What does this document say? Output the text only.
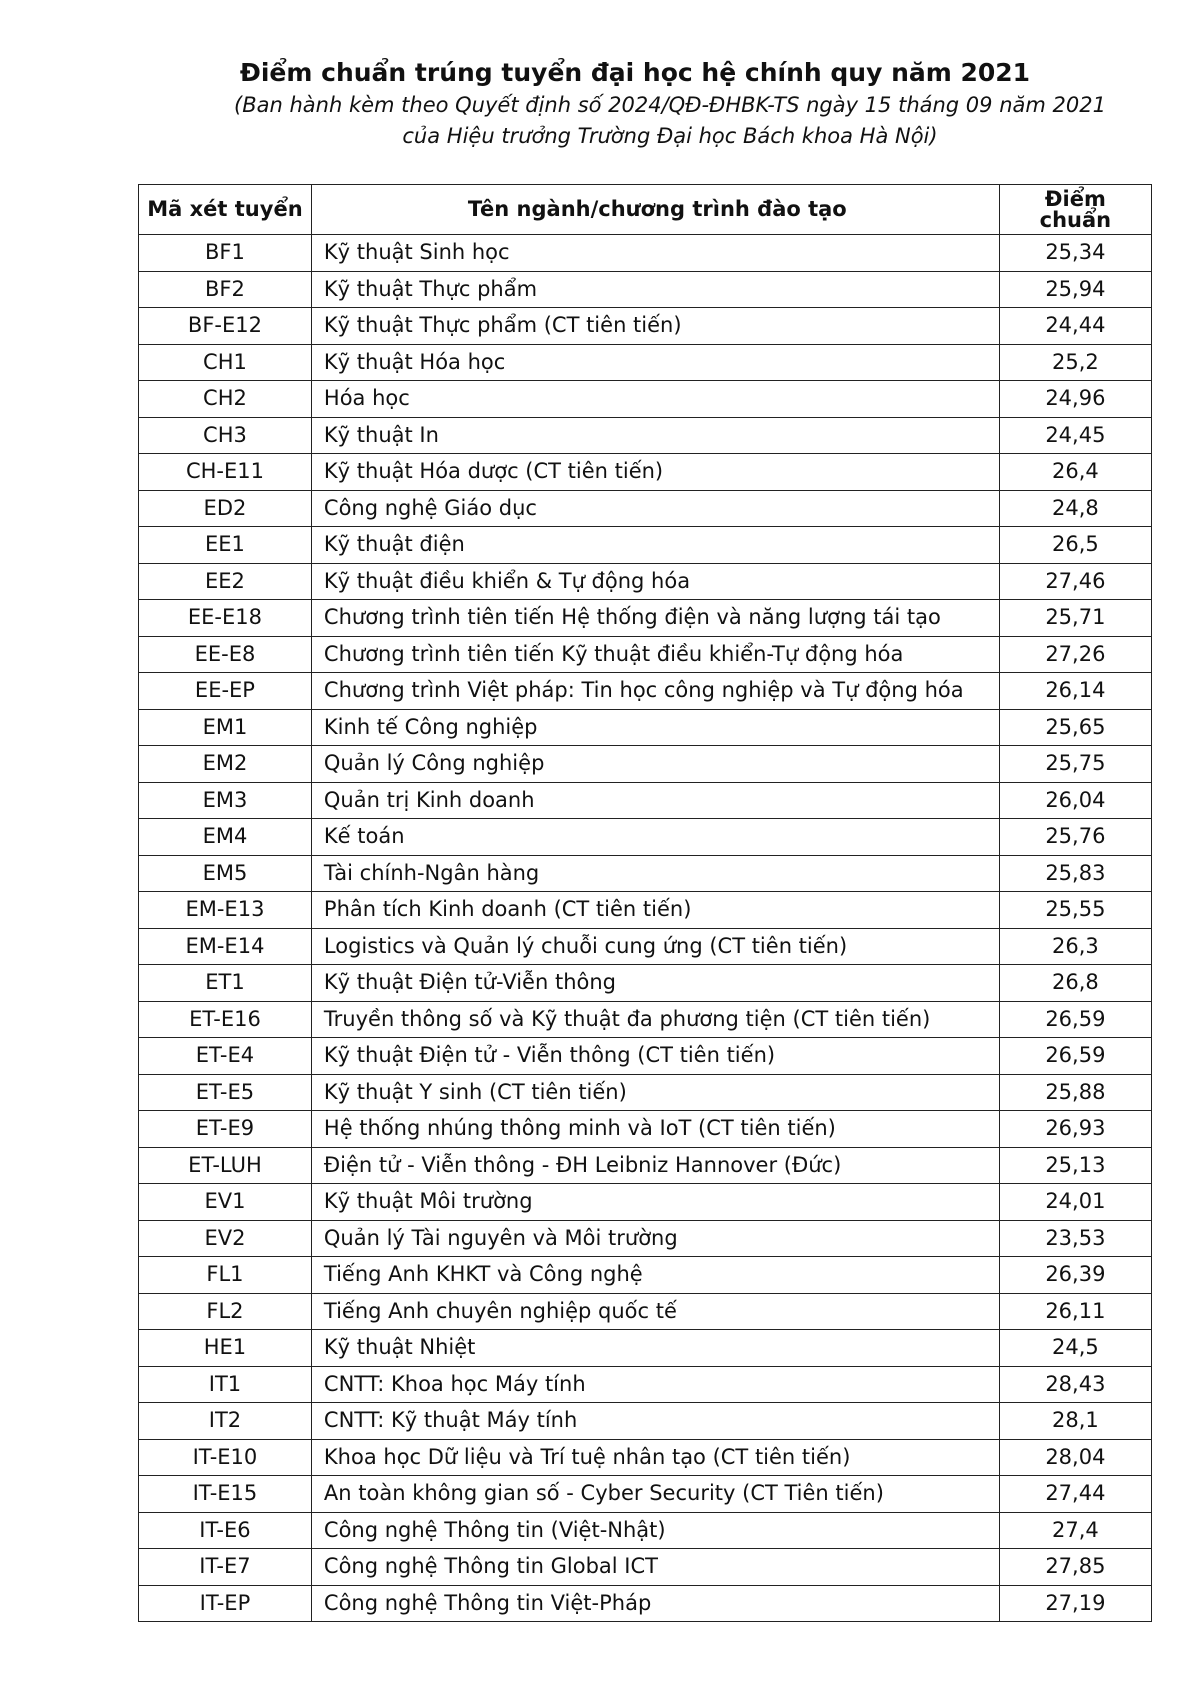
Điểm chuẩn trúng tuyển đại học hệ chính quy năm 2021
(Ban hành kèm theo Quyết định số 2024/QĐ-ĐHBK-TS ngày 15 tháng 09 năm 2021
của Hiệu trưởng Trường Đại học Bách khoa Hà Nội)
Mã xét tuyển	Tên ngành/chương trình đào tạo	Điểm chuẩn
BF1	Kỹ thuật Sinh học	25,34
BF2	Kỹ thuật Thực phẩm	25,94
BF-E12	Kỹ thuật Thực phẩm (CT tiên tiến)	24,44
CH1	Kỹ thuật Hóa học	25,2
CH2	Hóa học	24,96
CH3	Kỹ thuật In	24,45
CH-E11	Kỹ thuật Hóa dược (CT tiên tiến)	26,4
ED2	Công nghệ Giáo dục	24,8
EE1	Kỹ thuật điện	26,5
EE2	Kỹ thuật điều khiển & Tự động hóa	27,46
EE-E18	Chương trình tiên tiến Hệ thống điện và năng lượng tái tạo	25,71
EE-E8	Chương trình tiên tiến Kỹ thuật điều khiển-Tự động hóa	27,26
EE-EP	Chương trình Việt pháp: Tin học công nghiệp và Tự động hóa	26,14
EM1	Kinh tế Công nghiệp	25,65
EM2	Quản lý Công nghiệp	25,75
EM3	Quản trị Kinh doanh	26,04
EM4	Kế toán	25,76
EM5	Tài chính-Ngân hàng	25,83
EM-E13	Phân tích Kinh doanh (CT tiên tiến)	25,55
EM-E14	Logistics và Quản lý chuỗi cung ứng (CT tiên tiến)	26,3
ET1	Kỹ thuật Điện tử-Viễn thông	26,8
ET-E16	Truyền thông số và Kỹ thuật đa phương tiện (CT tiên tiến)	26,59
ET-E4	Kỹ thuật Điện tử - Viễn thông (CT tiên tiến)	26,59
ET-E5	Kỹ thuật Y sinh (CT tiên tiến)	25,88
ET-E9	Hệ thống nhúng thông minh và IoT (CT tiên tiến)	26,93
ET-LUH	Điện tử - Viễn thông - ĐH Leibniz Hannover (Đức)	25,13
EV1	Kỹ thuật Môi trường	24,01
EV2	Quản lý Tài nguyên và Môi trường	23,53
FL1	Tiếng Anh KHKT và Công nghệ	26,39
FL2	Tiếng Anh chuyên nghiệp quốc tế	26,11
HE1	Kỹ thuật Nhiệt	24,5
IT1	CNTT: Khoa học Máy tính	28,43
IT2	CNTT: Kỹ thuật Máy tính	28,1
IT-E10	Khoa học Dữ liệu và Trí tuệ nhân tạo (CT tiên tiến)	28,04
IT-E15	An toàn không gian số - Cyber Security (CT Tiên tiến)	27,44
IT-E6	Công nghệ Thông tin (Việt-Nhật)	27,4
IT-E7	Công nghệ Thông tin Global ICT	27,85
IT-EP	Công nghệ Thông tin Việt-Pháp	27,19
